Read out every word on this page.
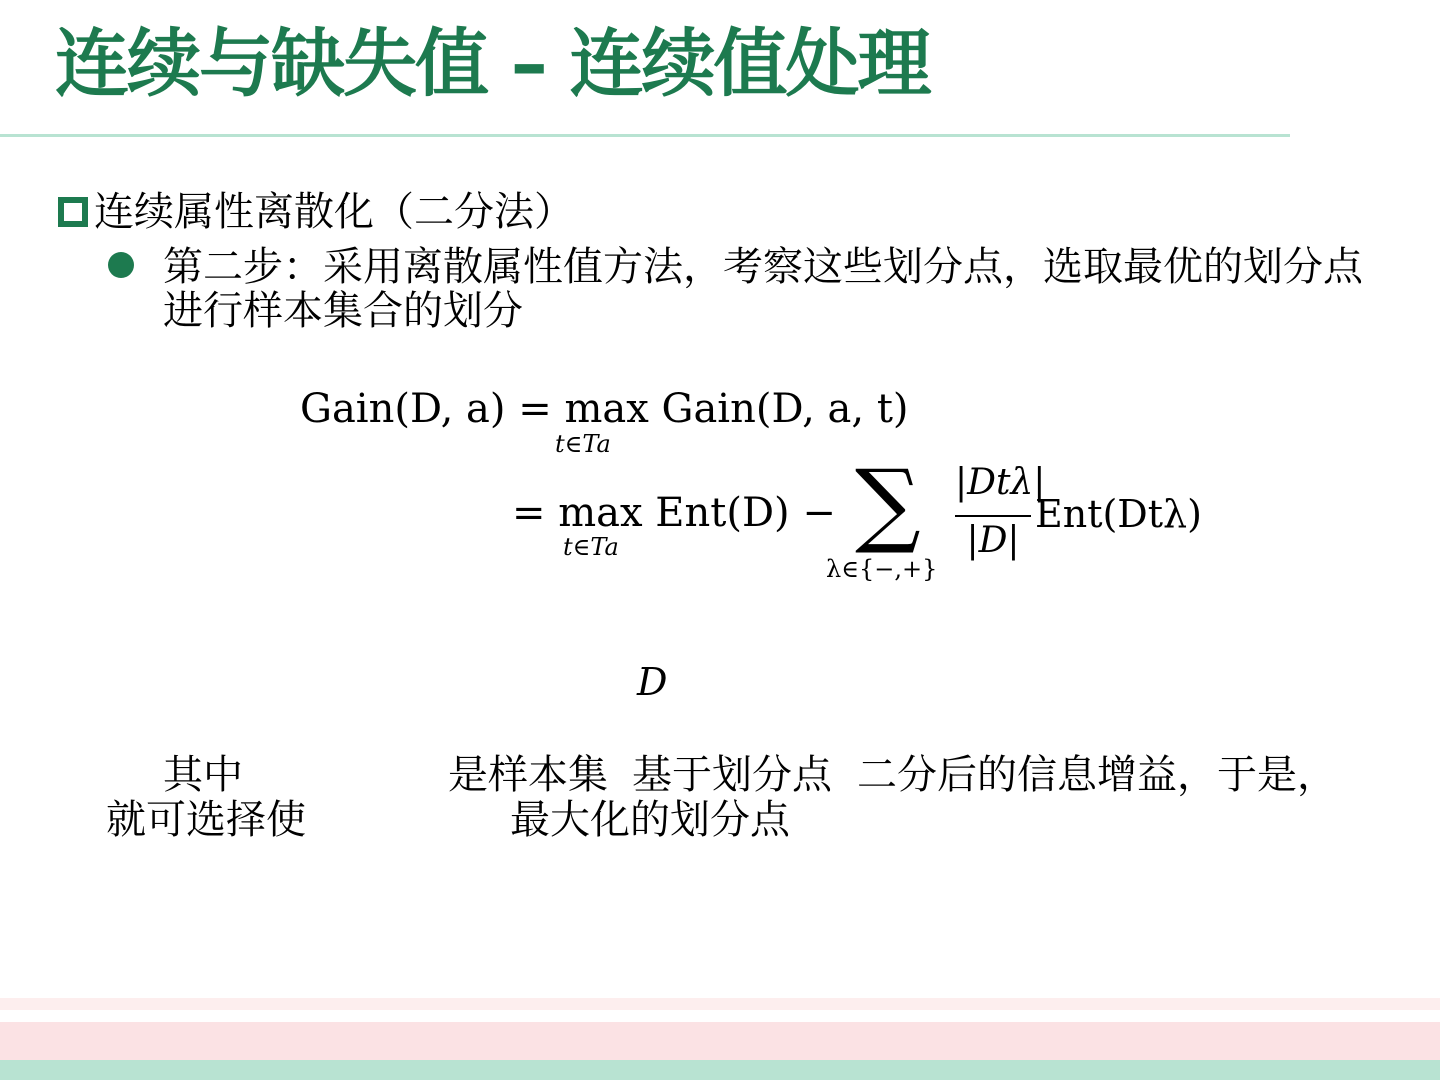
连续与缺失值 – 连续值处理
连续属性离散化（二分法）
第二步：采用离散属性值方法，考察这些划分点，选取最优的划分点进行样本集合的划分
Gain(D, a) = max Gain(D, a, t)
t∈Ta
= max Ent(D) −
t∈Ta	∑
λ∈{−,+}
|Dtλ|
|D|
Ent(Dtλ)
D
其中	是样本集 基于划分点 二分后的信息增益，于是，
就可选择使	最大化的划分点
